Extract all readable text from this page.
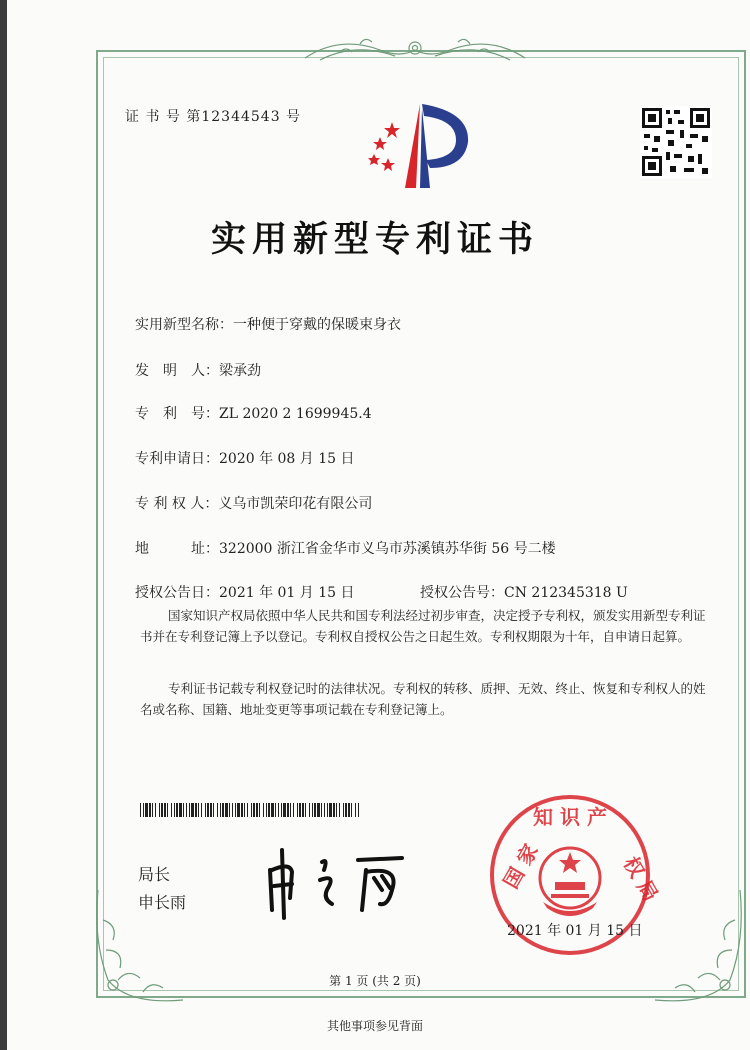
证 书 号 第12344543 号
实用新型专利证书
实用新型名称：一种便于穿戴的保暖束身衣
发　明　人：梁承劲
专　利　号：ZL 2020 2 1699945.4
专利申请日：2020 年 08 月 15 日
专 利 权 人：义乌市凯荣印花有限公司
地　　　址：322000 浙江省金华市义乌市苏溪镇苏华街 56 号二楼
授权公告日：2021 年 01 月 15 日	授权公告号：CN 212345318 U

国家知识产权局依照中华人民共和国专利法经过初步审查，决定授予专利权，颁发实用新型专利证书并在专利登记簿上予以登记。专利权自授权公告之日起生效。专利权期限为十年，自申请日起算。

专利证书记载专利权登记时的法律状况。专利权的转移、质押、无效、终止、恢复和专利权人的姓名或名称、国籍、地址变更等事项记载在专利登记簿上。

局长
申长雨
知 识 产
国 家	权 局
2021 年 01 月 15 日
第 1 页 (共 2 页)
其他事项参见背面
